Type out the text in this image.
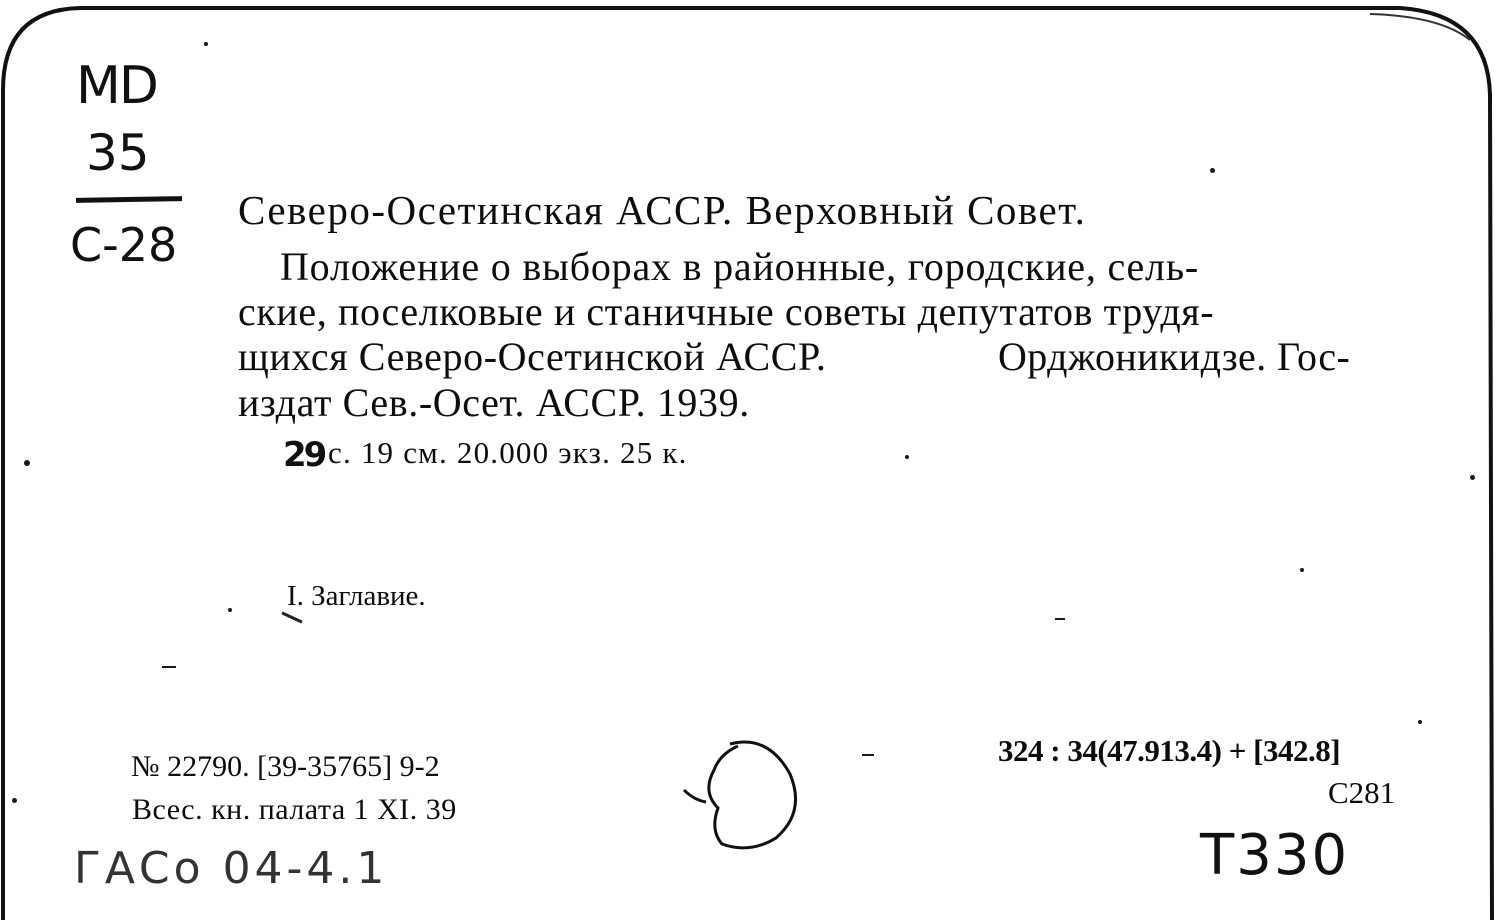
MD
35
С-28
Северо-Осетинская АССР. Верховный Совет.
Положение о выборах в районные, городские, сель-
ские, поселковые и станичные советы депутатов трудя-
щихся Северо-Осетинской АССР.	Орджоникидзе. Гос-
издат Сев.-Осет. АССР. 1939.
29 с. 19 см. 20.000 экз. 25 к.
I. Заглавие.
№ 22790. [39-35765] 9-2
Всес. кн. палата 1 XI. 39
324 : 34(47.913.4) + [342.8]
С281
ГАСо 04-4.1	Т330
